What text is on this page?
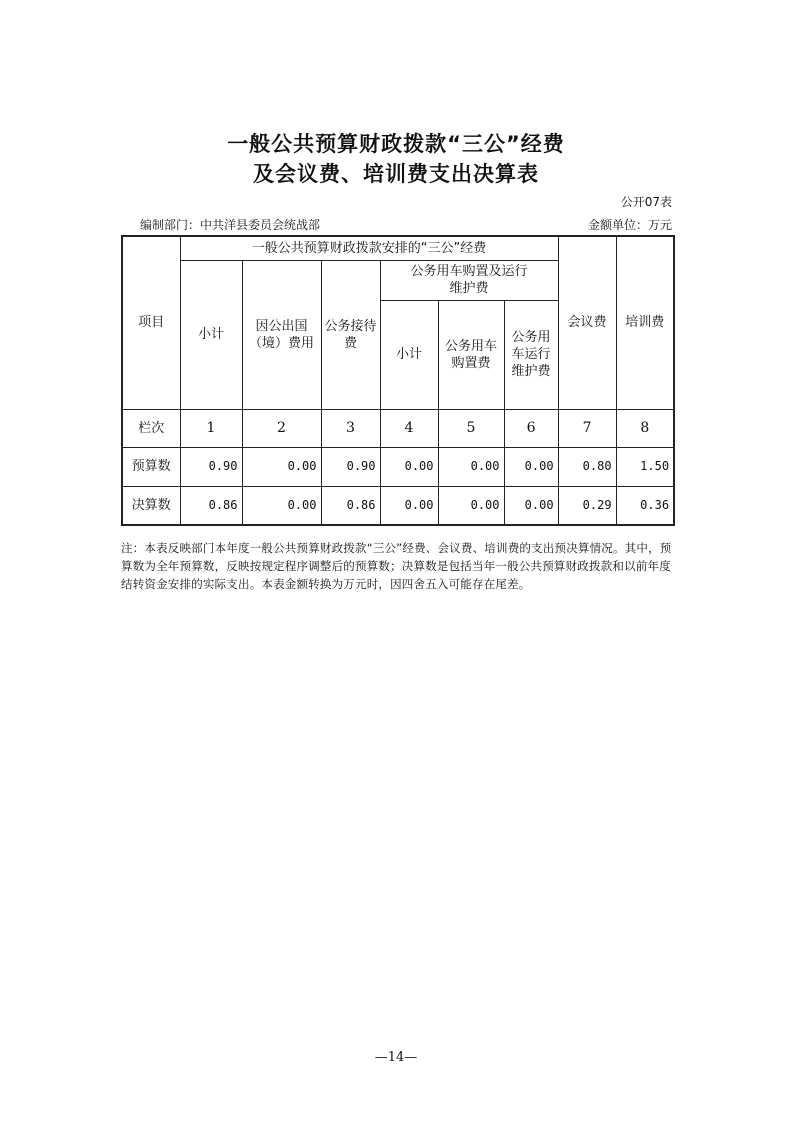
一般公共预算财政拨款“三公”经费
及会议费、培训费支出决算表
公开07表
编制部门：中共洋县委员会统战部	金额单位：万元
项目	一般公共预算财政拨款安排的“三公”经费						会议费	培训费
	小计	因公出国（境）费用	公务接待费	公务用车购置及运行维护费				
				小计	公务用车购置费	公务用车运行维护费		

栏次	1	2	3	4	5	6	7	8
预算数	0.90	0.00	0.90	0.00	0.00	0.00	0.80	1.50
决算数	0.86	0.00	0.86	0.00	0.00	0.00	0.29	0.36
注：本表反映部门本年度一般公共预算财政拨款“三公”经费、会议费、培训费的支出预决算情况。其中，预算数为全年预算数，反映按规定程序调整后的预算数；决算数是包括当年一般公共预算财政拨款和以前年度结转资金安排的实际支出。本表金额转换为万元时，因四舍五入可能存在尾差。
—14—
